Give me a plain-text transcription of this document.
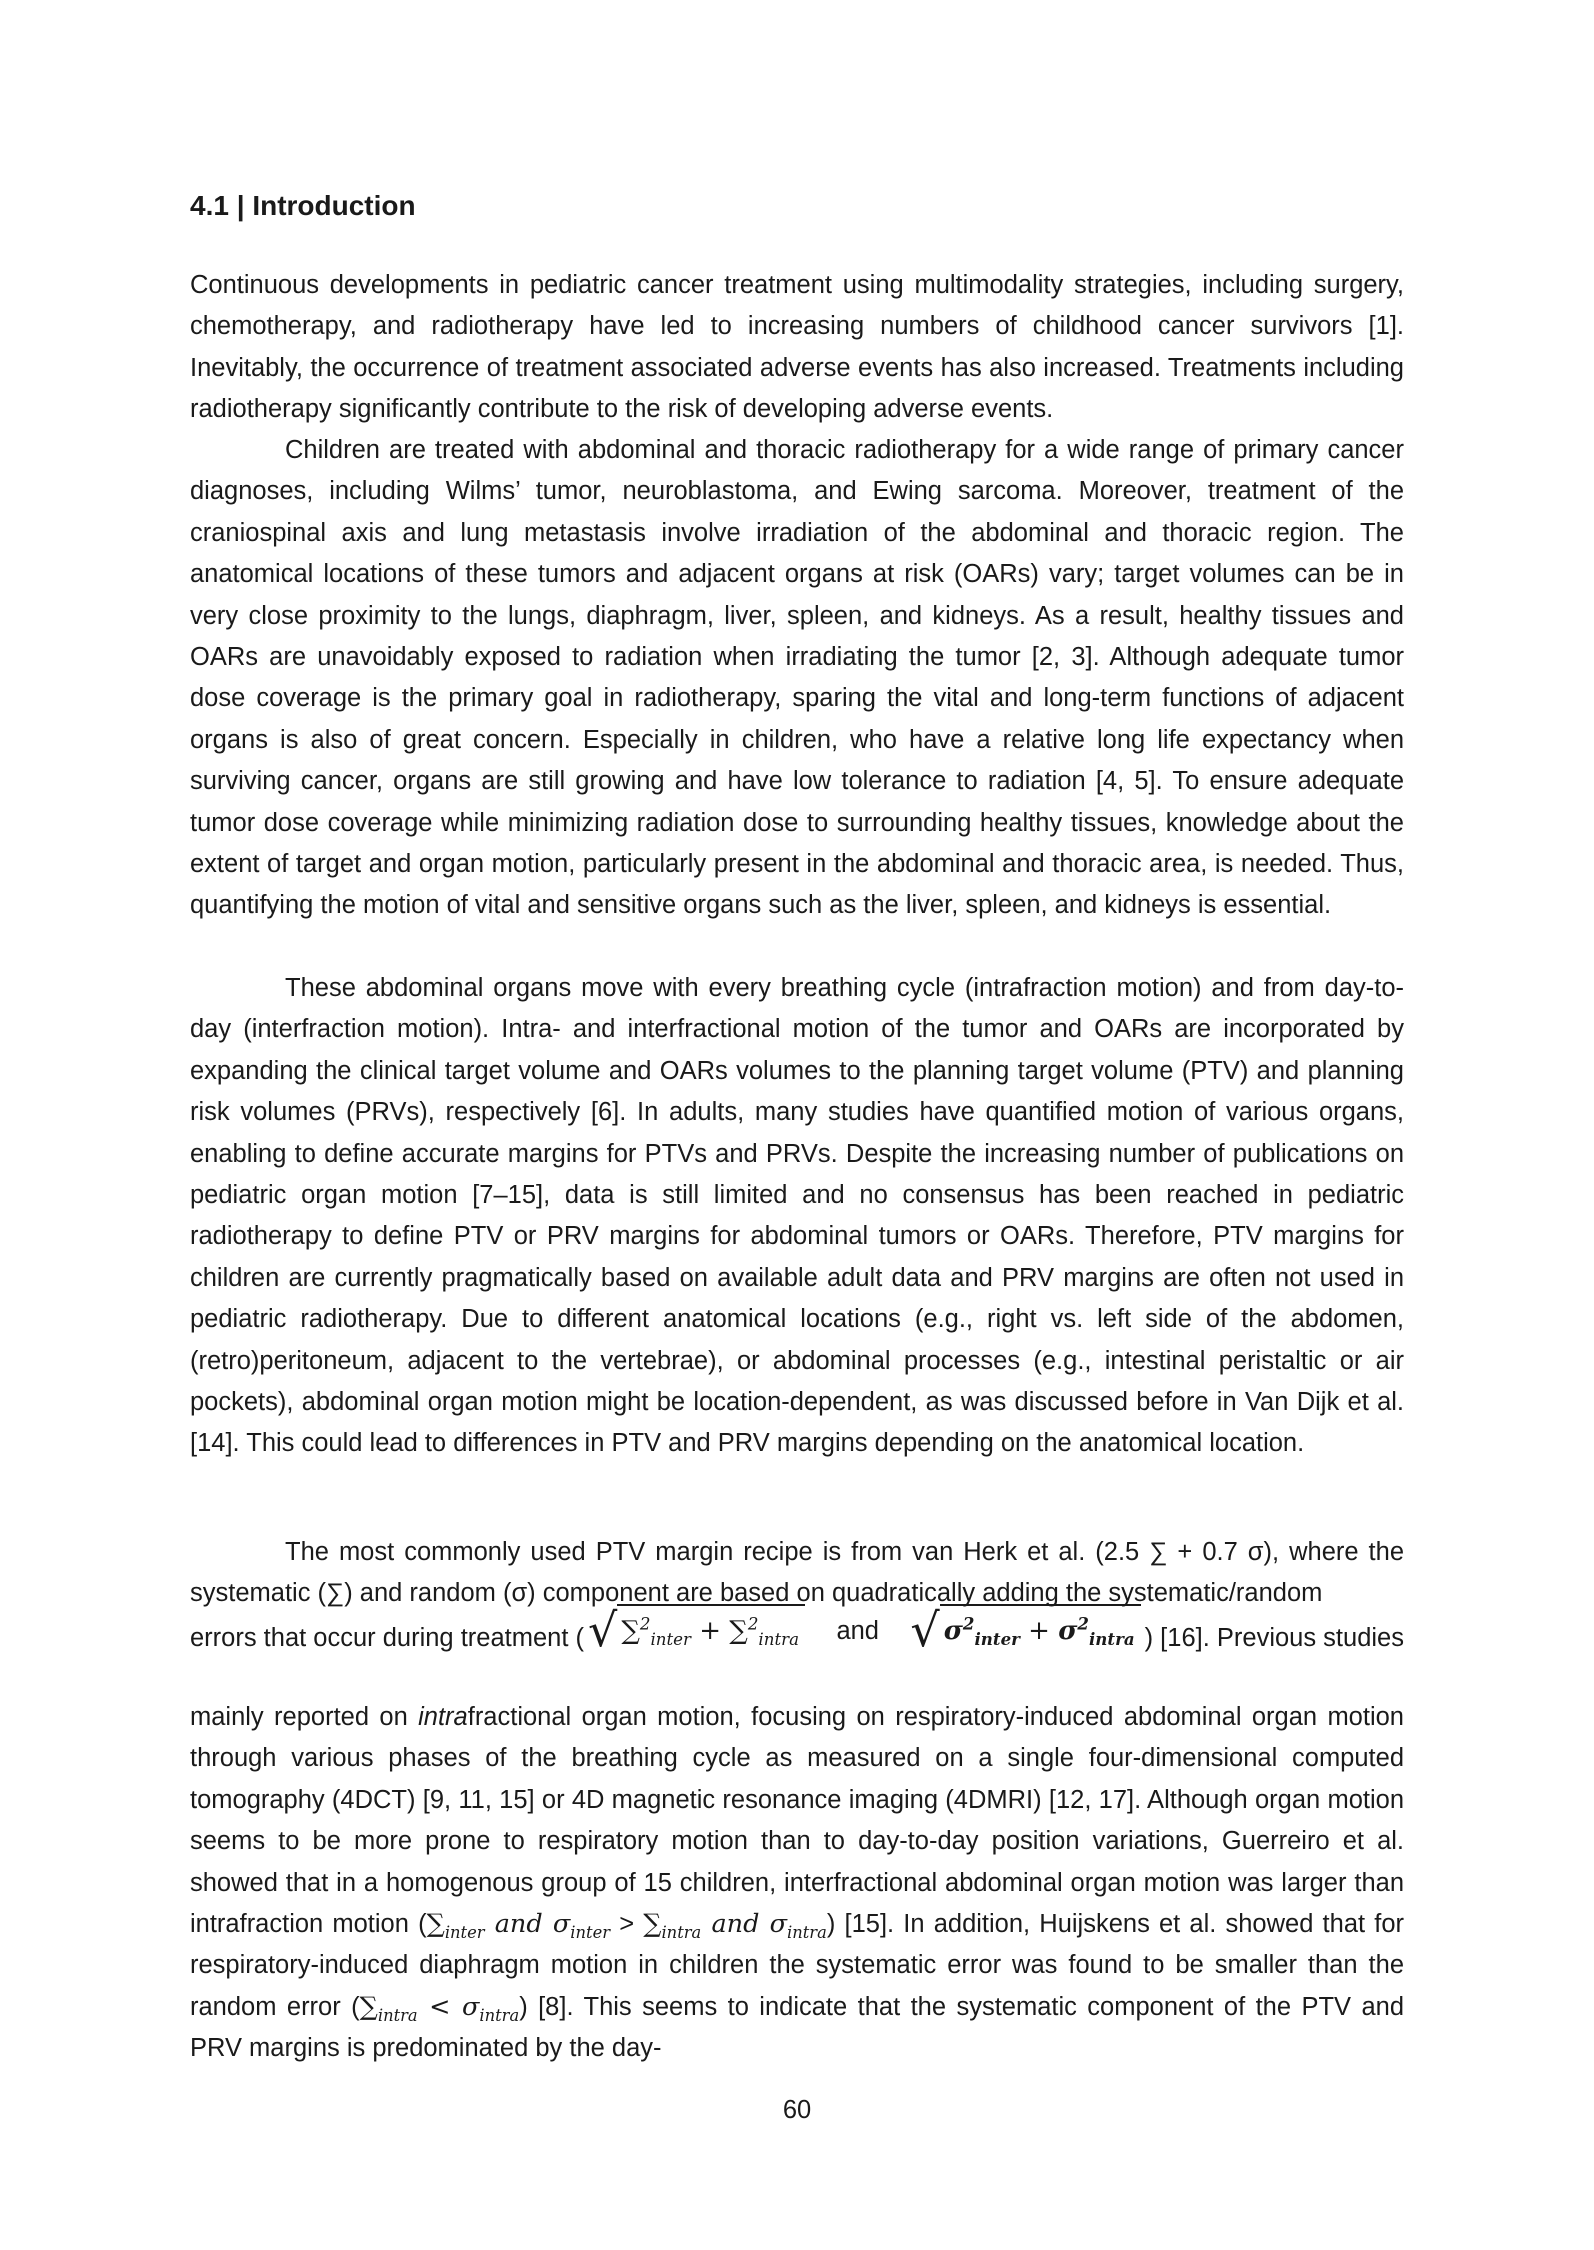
4.1 | Introduction

Continuous developments in pediatric cancer treatment using multimodality strategies, including surgery, chemotherapy, and radiotherapy have led to increasing numbers of childhood cancer survivors [1]. Inevitably, the occurrence of treatment associated adverse events has also increased. Treatments including radiotherapy significantly contribute to the risk of developing adverse events.

Children are treated with abdominal and thoracic radiotherapy for a wide range of primary cancer diagnoses, including Wilms’ tumor, neuroblastoma, and Ewing sarcoma. Moreover, treatment of the craniospinal axis and lung metastasis involve irradiation of the abdominal and thoracic region. The anatomical locations of these tumors and adjacent organs at risk (OARs) vary; target volumes can be in very close proximity to the lungs, diaphragm, liver, spleen, and kidneys. As a result, healthy tissues and OARs are unavoidably exposed to radiation when irradiating the tumor [2, 3]. Although adequate tumor dose coverage is the primary goal in radiotherapy, sparing the vital and long-term functions of adjacent organs is also of great concern. Especially in children, who have a relative long life expectancy when surviving cancer, organs are still growing and have low tolerance to radiation [4, 5]. To ensure adequate tumor dose coverage while minimizing radiation dose to surrounding healthy tissues, knowledge about the extent of target and organ motion, particularly present in the abdominal and thoracic area, is needed. Thus, quantifying the motion of vital and sensitive organs such as the liver, spleen, and kidneys is essential.

These abdominal organs move with every breathing cycle (intrafraction motion) and from day-to-day (interfraction motion). Intra- and interfractional motion of the tumor and OARs are incorporated by expanding the clinical target volume and OARs volumes to the planning target volume (PTV) and planning risk volumes (PRVs), respectively [6]. In adults, many studies have quantified motion of various organs, enabling to define accurate margins for PTVs and PRVs. Despite the increasing number of publications on pediatric organ motion [7–15], data is still limited and no consensus has been reached in pediatric radiotherapy to define PTV or PRV margins for abdominal tumors or OARs. Therefore, PTV margins for children are currently pragmatically based on available adult data and PRV margins are often not used in pediatric radiotherapy. Due to different anatomical locations (e.g., right vs. left side of the abdomen, (retro)peritoneum, adjacent to the vertebrae), or abdominal processes (e.g., intestinal peristaltic or air pockets), abdominal organ motion might be location-dependent, as was discussed before in Van Dijk et al. [14]. This could lead to differences in PTV and PRV margins depending on the anatomical location.

The most commonly used PTV margin recipe is from van Herk et al. (2.5 ∑ + 0.7 σ), where the systematic (∑) and random (σ) component are based on quadratically adding the systematic/random

errors that occur during treatment ( √ ∑$^2_{inter}$ + ∑$^2_{intra}$ and √ $\sigma^2_{inter} + \sigma^2_{intra}$ ) [16]. Previous studies

mainly reported on intrafractional organ motion, focusing on respiratory-induced abdominal organ motion through various phases of the breathing cycle as measured on a single four-dimensional computed tomography (4DCT) [9, 11, 15] or 4D magnetic resonance imaging (4DMRI) [12, 17]. Although organ motion seems to be more prone to respiratory motion than to day-to-day position variations, Guerreiro et al. showed that in a homogenous group of 15 children, interfractional abdominal organ motion was larger than intrafraction motion ($\sum_{inter}$ and $\sigma_{inter} > \sum_{intra}$ and $\sigma_{intra}$) [15]. In addition, Huijskens et al. showed that for respiratory-induced diaphragm motion in children the systematic error was found to be smaller than the random error $(\sum_{intra} < \sigma_{intra})$ [8]. This seems to indicate that the systematic component of the PTV and PRV margins is predominated by the day-

60
